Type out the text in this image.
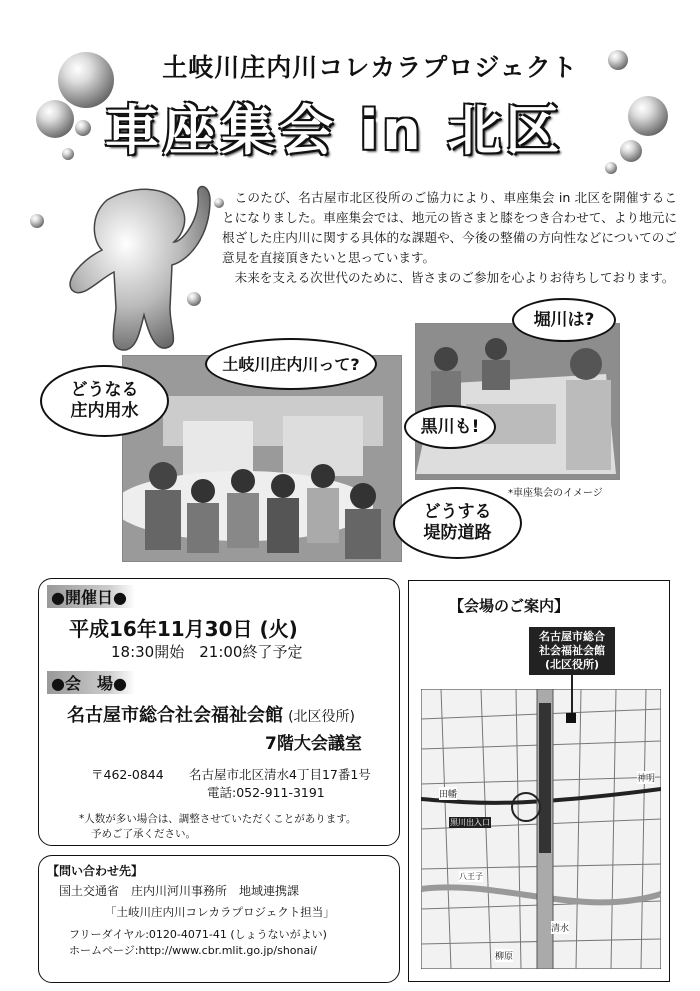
土岐川庄内川コレカラプロジェクト
車座集会 in 北区

このたび、名古屋市北区役所のご協力により、車座集会 in 北区を開催することになりました。車座集会では、地元の皆さまと膝をつき合わせて、より地元に根ざした庄内川に関する具体的な課題や、今後の整備の方向性などについてのご意見を直接頂きたいと思っています。

未来を支える次世代のために、皆さまのご参加を心よりお待ちしております。

土岐川庄内川って?
どうなる
庄内用水
堀川は?
黒川も!
どうする
堤防道路
*車座集会のイメージ
●開催日●
平成16年11月30日 (火)
18:30開始　21:00終了予定
●会　場●
名古屋市総合社会福祉会館 (北区役所)
7階大会議室
〒462-0844 名古屋市北区清水4丁目17番1号
電話:052-911-3191
*人数が多い場合は、調整させていただくことがあります。
予めご了承ください。
【問い合わせ先】
国土交通省　庄内川河川事務所　地域連携課
「土岐川庄内川コレカラプロジェクト担当」
フリーダイヤル:0120-4071-41 (しょうないがよい)
ホームページ:http://www.cbr.mlit.go.jp/shonai/
【会場のご案内】
田幡
黒川出入口
清水
神明
柳原
八王子
名古屋市総合
社会福祉会館
(北区役所)
